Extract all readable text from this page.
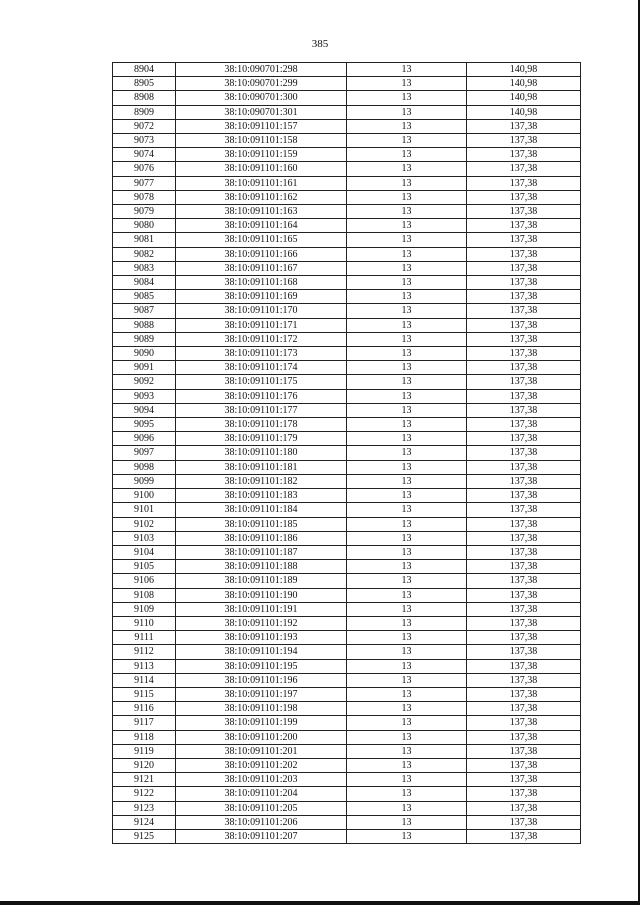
385
8904	38:10:090701:298	13	140,98
8905	38:10:090701:299	13	140,98
8908	38:10:090701:300	13	140,98
8909	38:10:090701:301	13	140,98
9072	38:10:091101:157	13	137,38
9073	38:10:091101:158	13	137,38
9074	38:10:091101:159	13	137,38
9076	38:10:091101:160	13	137,38
9077	38:10:091101:161	13	137,38
9078	38:10:091101:162	13	137,38
9079	38:10:091101:163	13	137,38
9080	38:10:091101:164	13	137,38
9081	38:10:091101:165	13	137,38
9082	38:10:091101:166	13	137,38
9083	38:10:091101:167	13	137,38
9084	38:10:091101:168	13	137,38
9085	38:10:091101:169	13	137,38
9087	38:10:091101:170	13	137,38
9088	38:10:091101:171	13	137,38
9089	38:10:091101:172	13	137,38
9090	38:10:091101:173	13	137,38
9091	38:10:091101:174	13	137,38
9092	38:10:091101:175	13	137,38
9093	38:10:091101:176	13	137,38
9094	38:10:091101:177	13	137,38
9095	38:10:091101:178	13	137,38
9096	38:10:091101:179	13	137,38
9097	38:10:091101:180	13	137,38
9098	38:10:091101:181	13	137,38
9099	38:10:091101:182	13	137,38
9100	38:10:091101:183	13	137,38
9101	38:10:091101:184	13	137,38
9102	38:10:091101:185	13	137,38
9103	38:10:091101:186	13	137,38
9104	38:10:091101:187	13	137,38
9105	38:10:091101:188	13	137,38
9106	38:10:091101:189	13	137,38
9108	38:10:091101:190	13	137,38
9109	38:10:091101:191	13	137,38
9110	38:10:091101:192	13	137,38
9111	38:10:091101:193	13	137,38
9112	38:10:091101:194	13	137,38
9113	38:10:091101:195	13	137,38
9114	38:10:091101:196	13	137,38
9115	38:10:091101:197	13	137,38
9116	38:10:091101:198	13	137,38
9117	38:10:091101:199	13	137,38
9118	38:10:091101:200	13	137,38
9119	38:10:091101:201	13	137,38
9120	38:10:091101:202	13	137,38
9121	38:10:091101:203	13	137,38
9122	38:10:091101:204	13	137,38
9123	38:10:091101:205	13	137,38
9124	38:10:091101:206	13	137,38
9125	38:10:091101:207	13	137,38
